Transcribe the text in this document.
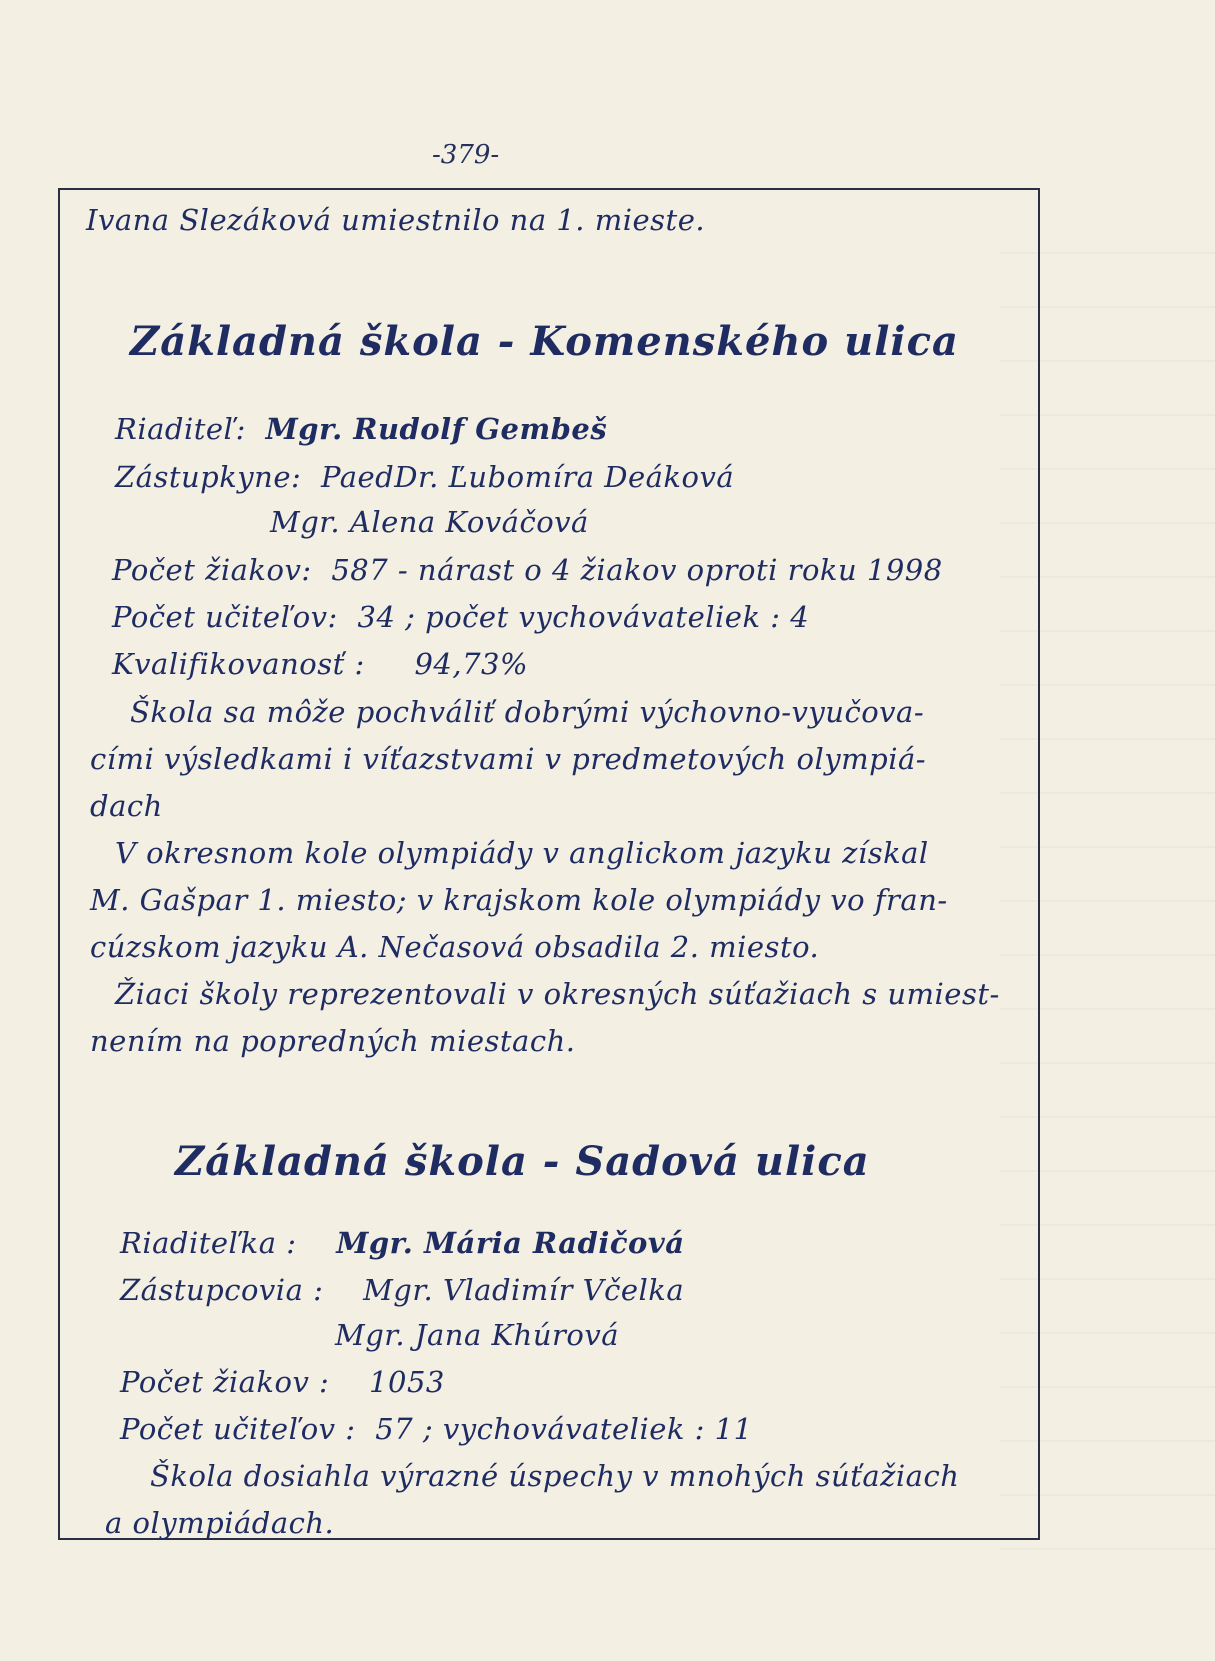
-379-
Ivana Slezáková umiestnilo na 1. mieste.
Základná škola - Komenského ulica
Riaditeľ: Mgr. Rudolf Gembeš
Zástupkyne: PaedDr. Ľubomíra Deáková
Mgr. Alena Kováčová
Počet žiakov: 587 - nárast o 4 žiakov oproti roku 1998
Počet učiteľov: 34 ; počet vychovávateliek : 4
Kvalifikovanosť : 94,73%
Škola sa môže pochváliť dobrými výchovno-vyučova-
cími výsledkami i víťazstvami v predmetových olympiá-
dach
V okresnom kole olympiády v anglickom jazyku získal
M. Gašpar 1. miesto; v krajskom kole olympiády vo fran-
cúzskom jazyku A. Nečasová obsadila 2. miesto.
Žiaci školy reprezentovali v okresných súťažiach s umiest-
nením na popredných miestach.
Základná škola - Sadová ulica
Riaditeľka : Mgr. Mária Radičová
Zástupcovia : Mgr. Vladimír Včelka
Mgr. Jana Khúrová
Počet žiakov : 1053
Počet učiteľov : 57 ; vychovávateliek : 11
Škola dosiahla výrazné úspechy v mnohých súťažiach
a olympiádach.
